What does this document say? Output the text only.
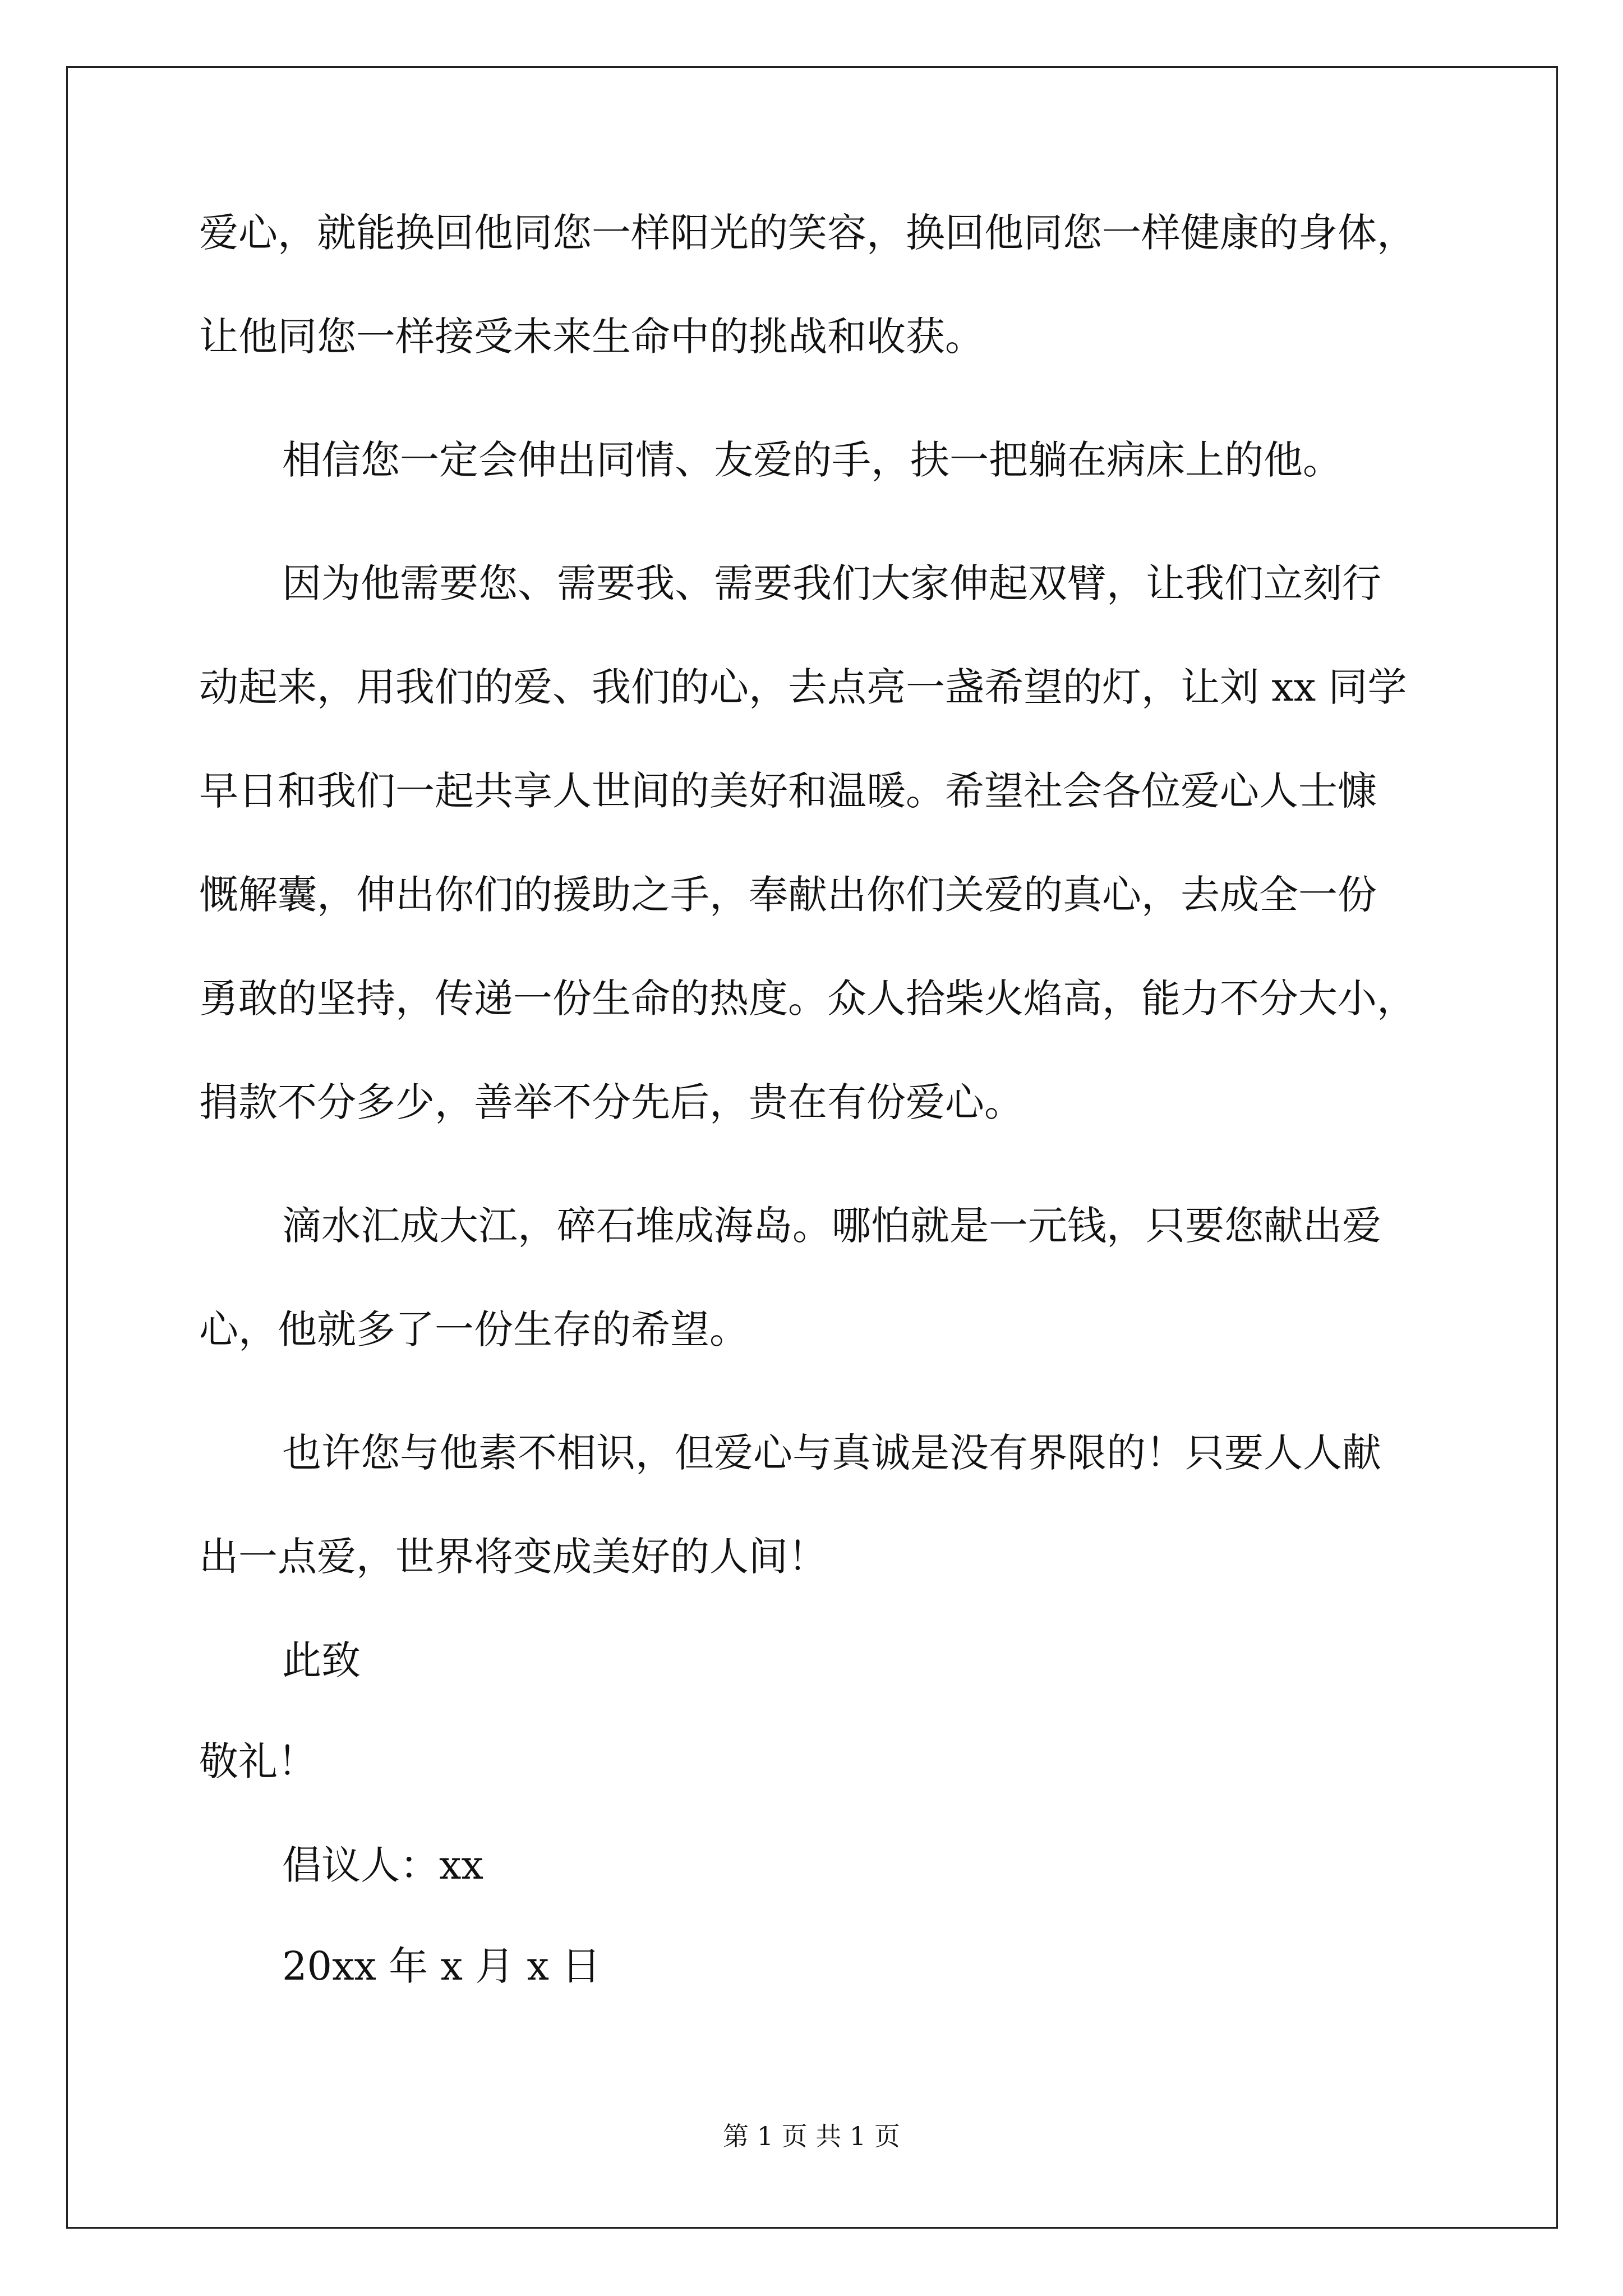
爱心，就能换回他同您一样阳光的笑容，换回他同您一样健康的身体，
让他同您一样接受未来生命中的挑战和收获。
相信您一定会伸出同情、友爱的手，扶一把躺在病床上的他。
因为他需要您、需要我、需要我们大家伸起双臂，让我们立刻行
动起来，用我们的爱、我们的心，去点亮一盏希望的灯，让刘 xx 同学
早日和我们一起共享人世间的美好和温暖。希望社会各位爱心人士慷
慨解囊，伸出你们的援助之手，奉献出你们关爱的真心，去成全一份
勇敢的坚持，传递一份生命的热度。众人拾柴火焰高，能力不分大小，
捐款不分多少，善举不分先后，贵在有份爱心。
滴水汇成大江，碎石堆成海岛。哪怕就是一元钱，只要您献出爱
心，他就多了一份生存的希望。
也许您与他素不相识，但爱心与真诚是没有界限的！只要人人献
出一点爱，世界将变成美好的人间！
此致
敬礼！
倡议人：xx
20xx 年 x 月 x 日
第 1 页 共 1 页
